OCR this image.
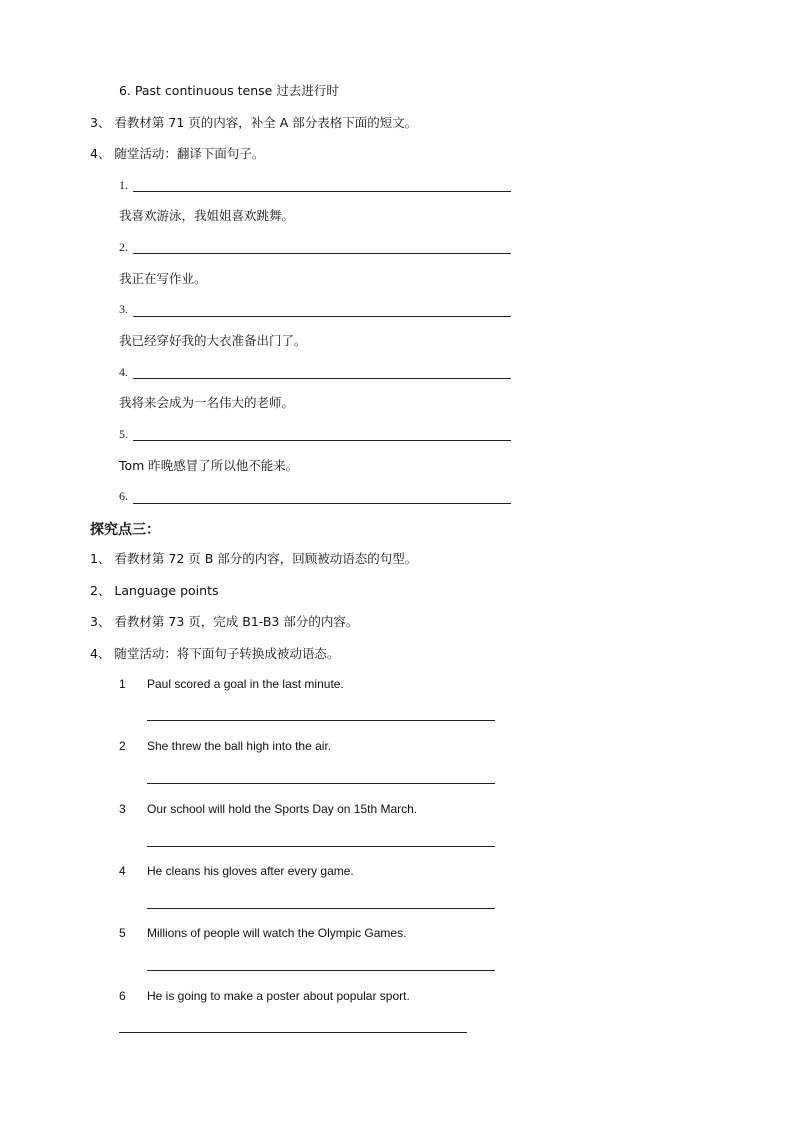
6. Past continuous tense 过去进行时
3、 看教材第 71 页的内容，补全 A 部分表格下面的短文。
4、 随堂活动：翻译下面句子。
1.
我喜欢游泳，我姐姐喜欢跳舞。
2.
我正在写作业。
3.
我已经穿好我的大衣准备出门了。
4.
我将来会成为一名伟大的老师。
5.
Tom 昨晚感冒了所以他不能来。
6.
探究点三：
1、 看教材第 72 页 B 部分的内容，回顾被动语态的句型。
2、 Language points
3、 看教材第 73 页，完成 B1-B3 部分的内容。
4、 随堂活动：将下面句子转换成被动语态。
1 Paul scored a goal in the last minute.
2 She threw the ball high into the air.
3 Our school will hold the Sports Day on 15th March.
4 He cleans his gloves after every game.
5 Millions of people will watch the Olympic Games.
6 He is going to make a poster about popular sport.
